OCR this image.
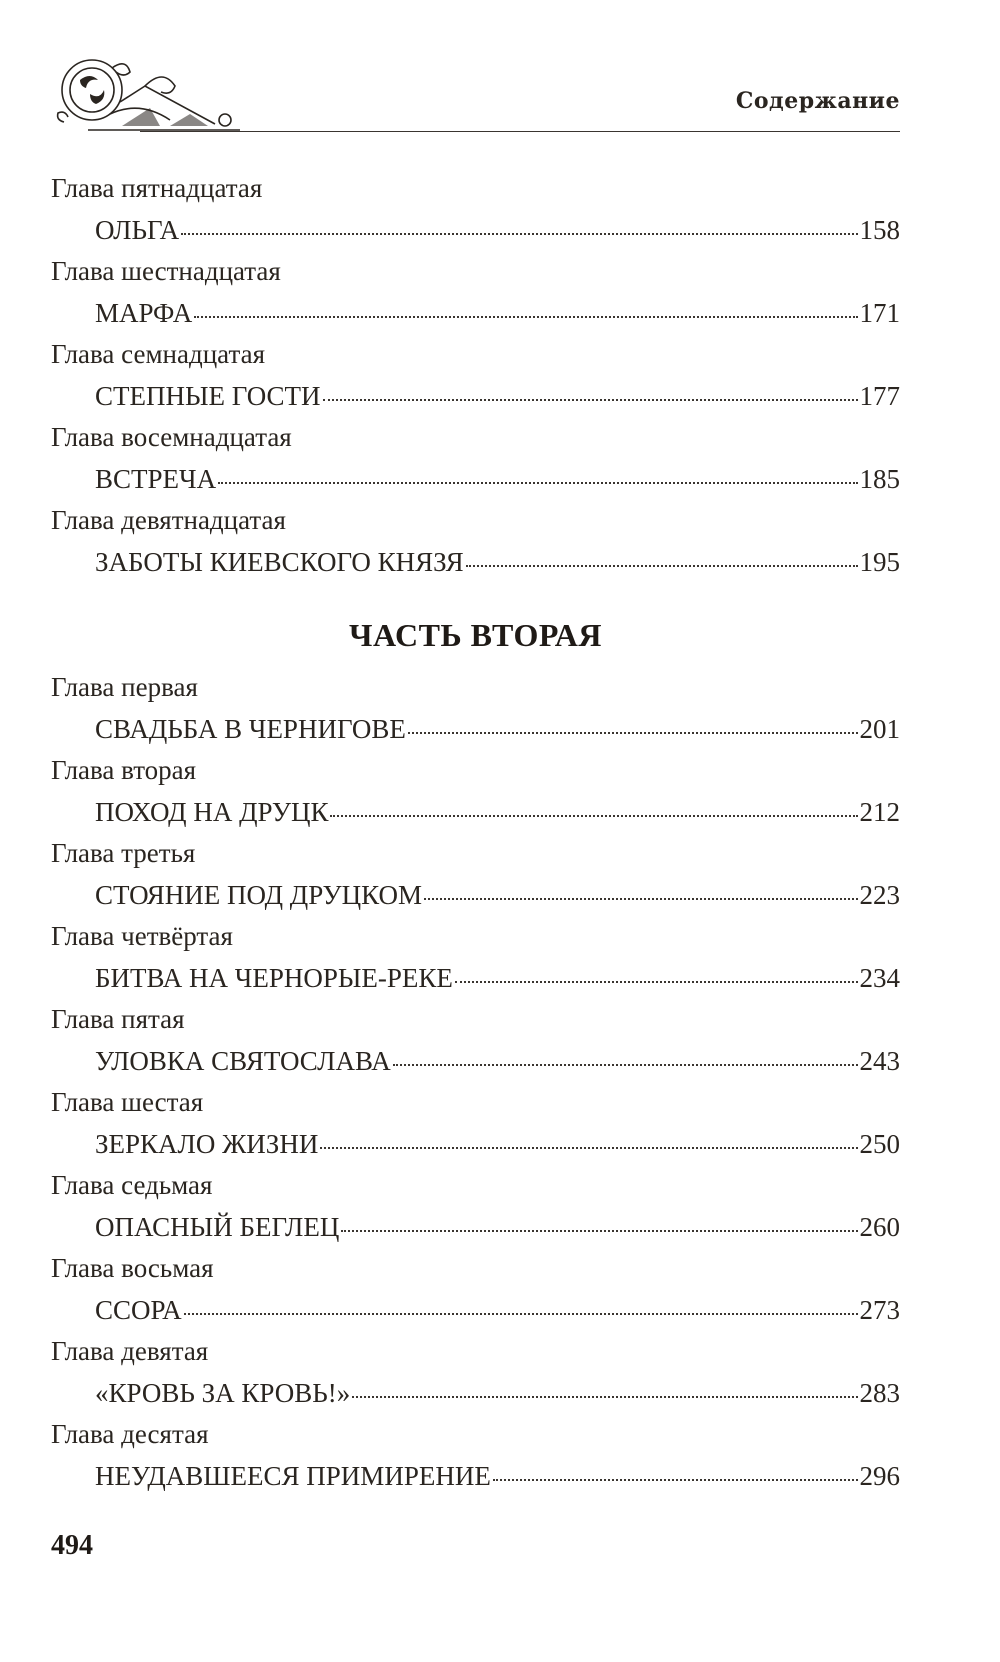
Содержание
Глава пятнадцатая
ОЛЬГА	158
Глава шестнадцатая
МАРФА	171
Глава семнадцатая
СТЕПНЫЕ ГОСТИ	177
Глава восемнадцатая
ВСТРЕЧА	185
Глава девятнадцатая
ЗАБОТЫ КИЕВСКОГО КНЯЗЯ	195
ЧАСТЬ ВТОРАЯ
Глава первая
СВАДЬБА В ЧЕРНИГОВЕ	201
Глава вторая
ПОХОД НА ДРУЦК	212
Глава третья
СТОЯНИЕ ПОД ДРУЦКОМ	223
Глава четвёртая
БИТВА НА ЧЕРНОРЫЕ-РЕКЕ	234
Глава пятая
УЛОВКА СВЯТОСЛАВА	243
Глава шестая
ЗЕРКАЛО ЖИЗНИ	250
Глава седьмая
ОПАСНЫЙ БЕГЛЕЦ	260
Глава восьмая
ССОРА	273
Глава девятая
«КРОВЬ ЗА КРОВЬ!»	283
Глава десятая
НЕУДАВШЕЕСЯ ПРИМИРЕНИЕ	296
494
